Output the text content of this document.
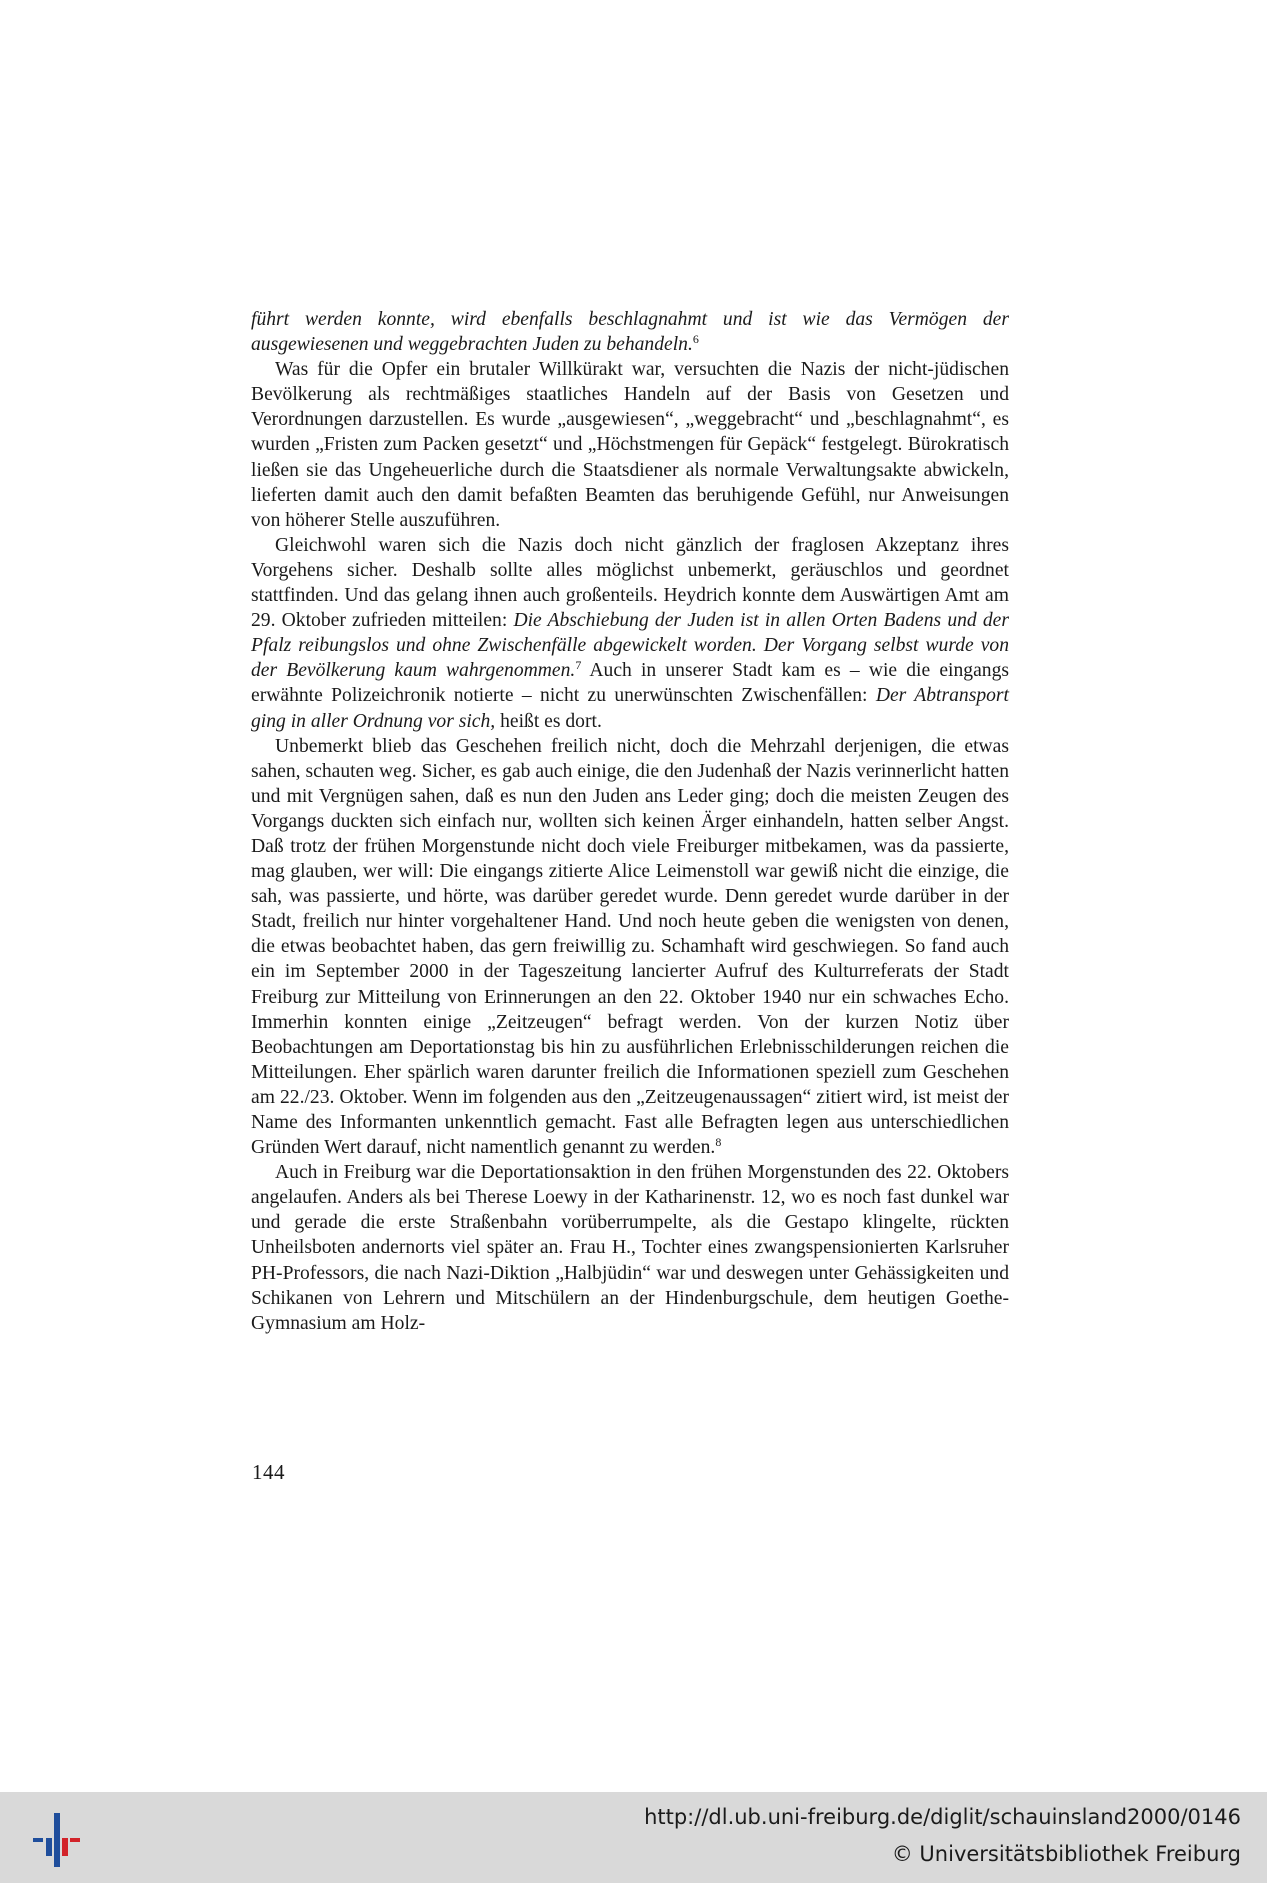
führt werden konnte, wird ebenfalls beschlagnahmt und ist wie das Vermögen der ausgewiesenen und weggebrachten Juden zu behandeln.$^6$

Was für die Opfer ein brutaler Willkürakt war, versuchten die Nazis der nicht-jüdischen Bevölkerung als rechtmäßiges staatliches Handeln auf der Basis von Gesetzen und Verordnungen darzustellen. Es wurde „ausgewiesen“, „weggebracht“ und „beschlagnahmt“, es wurden „Fristen zum Packen gesetzt“ und „Höchstmengen für Gepäck“ festgelegt. Bürokratisch ließen sie das Ungeheuerliche durch die Staatsdiener als normale Verwaltungsakte abwickeln, lieferten damit auch den damit befaßten Beamten das beruhigende Gefühl, nur Anweisungen von höherer Stelle auszuführen.

Gleichwohl waren sich die Nazis doch nicht gänzlich der fraglosen Akzeptanz ihres Vorgehens sicher. Deshalb sollte alles möglichst unbemerkt, geräuschlos und geordnet stattfinden. Und das gelang ihnen auch großenteils. Heydrich konnte dem Auswärtigen Amt am 29. Oktober zufrieden mitteilen: Die Abschiebung der Juden ist in allen Orten Badens und der Pfalz reibungslos und ohne Zwischenfälle abgewickelt worden. Der Vorgang selbst wurde von der Bevölkerung kaum wahrgenommen.$^7$ Auch in unserer Stadt kam es – wie die eingangs erwähnte Polizeichronik notierte – nicht zu unerwünschten Zwischenfällen: Der Abtransport ging in aller Ordnung vor sich, heißt es dort.

Unbemerkt blieb das Geschehen freilich nicht, doch die Mehrzahl derjenigen, die etwas sahen, schauten weg. Sicher, es gab auch einige, die den Judenhaß der Nazis verinnerlicht hatten und mit Vergnügen sahen, daß es nun den Juden ans Leder ging; doch die meisten Zeugen des Vorgangs duckten sich einfach nur, wollten sich keinen Ärger einhandeln, hatten selber Angst. Daß trotz der frühen Morgenstunde nicht doch viele Freiburger mitbekamen, was da passierte, mag glauben, wer will: Die eingangs zitierte Alice Leimenstoll war gewiß nicht die einzige, die sah, was passierte, und hörte, was darüber geredet wurde. Denn geredet wurde darüber in der Stadt, freilich nur hinter vorgehaltener Hand. Und noch heute geben die wenigsten von denen, die etwas beobachtet haben, das gern freiwillig zu. Schamhaft wird geschwiegen. So fand auch ein im September 2000 in der Tageszeitung lancierter Aufruf des Kulturreferats der Stadt Freiburg zur Mitteilung von Erinnerungen an den 22. Oktober 1940 nur ein schwaches Echo. Immerhin konnten einige „Zeitzeugen“ befragt werden. Von der kurzen Notiz über Beobachtungen am Deportationstag bis hin zu ausführlichen Erlebnisschilderungen reichen die Mitteilungen. Eher spärlich waren darunter freilich die Informationen speziell zum Geschehen am 22./23. Oktober. Wenn im folgenden aus den „Zeitzeugenaussagen“ zitiert wird, ist meist der Name des Informanten unkenntlich gemacht. Fast alle Befragten legen aus unterschiedlichen Gründen Wert darauf, nicht namentlich genannt zu werden.$^8$

Auch in Freiburg war die Deportationsaktion in den frühen Morgenstunden des 22. Oktobers angelaufen. Anders als bei Therese Loewy in der Katharinenstr. 12, wo es noch fast dunkel war und gerade die erste Straßenbahn vorüberrumpelte, als die Gestapo klingelte, rückten Unheilsboten andernorts viel später an. Frau H., Tochter eines zwangspensionierten Karlsruher PH-Professors, die nach Nazi-Diktion „Halbjüdin“ war und deswegen unter Gehässigkeiten und Schikanen von Lehrern und Mitschülern an der Hindenburgschule, dem heutigen Goethe-Gymnasium am Holz-

144
http://dl.ub.uni-freiburg.de/diglit/schauinsland2000/0146
© Universitätsbibliothek Freiburg
